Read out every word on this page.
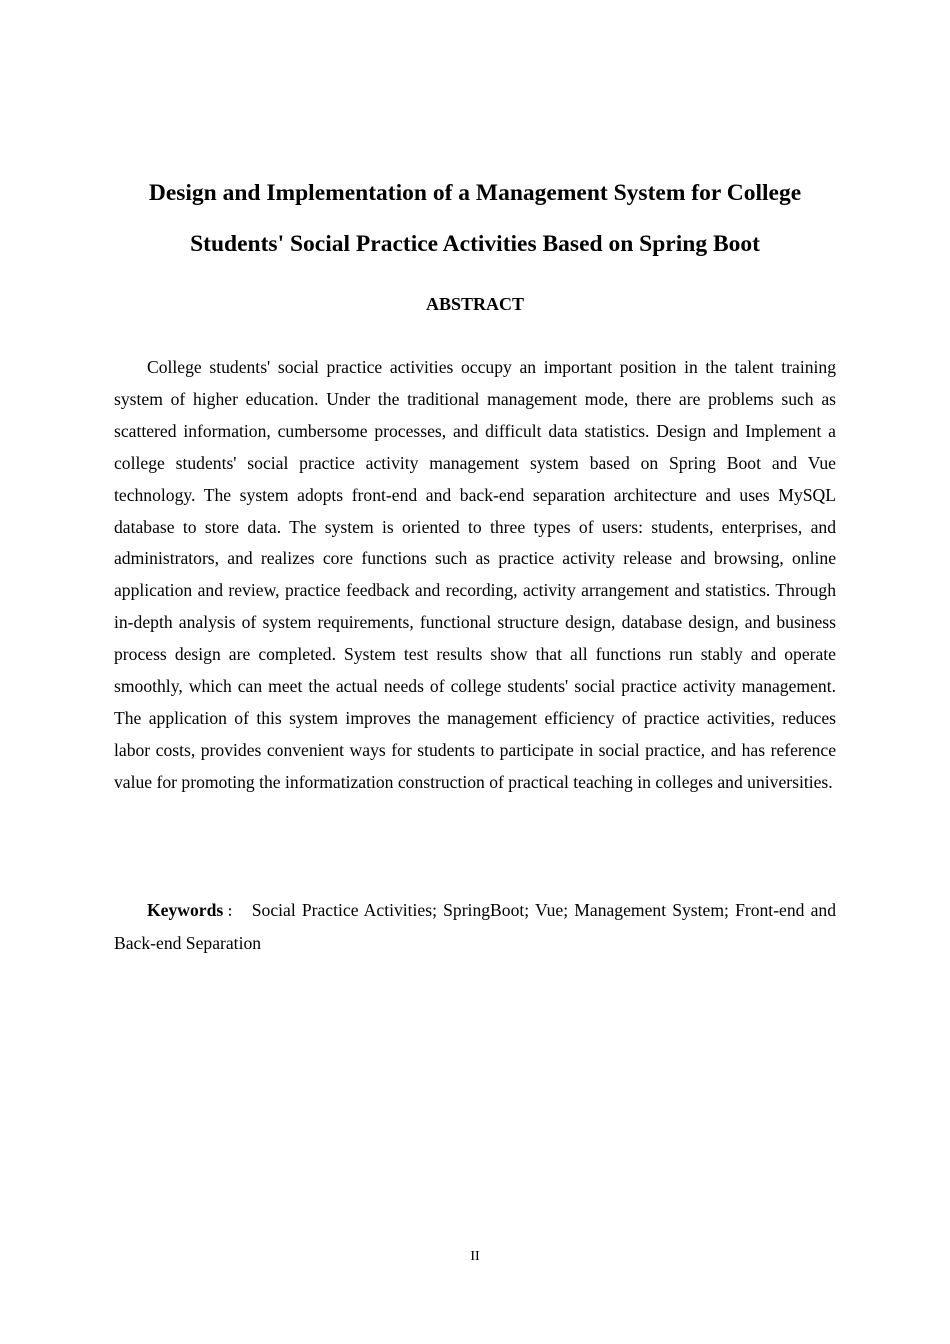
Design and Implementation of a Management System for College
Students' Social Practice Activities Based on Spring Boot
ABSTRACT

College students' social practice activities occupy an important position in the talent training system of higher education. Under the traditional management mode, there are problems such as scattered information, cumbersome processes, and difficult data statistics. Design and Implement a college students' social practice activity management system based on Spring Boot and Vue technology. The system adopts front-end and back-end separation architecture and uses MySQL database to store data. The system is oriented to three types of users: students, enterprises, and administrators, and realizes core functions such as practice activity release and browsing, online application and review, practice feedback and recording, activity arrangement and statistics. Through in-depth analysis of system requirements, functional structure design, database design, and business process design are completed. System test results show that all functions run stably and operate smoothly, which can meet the actual needs of college students' social practice activity management. The application of this system improves the management efficiency of practice activities, reduces labor costs, provides convenient ways for students to participate in social practice, and has reference value for promoting the informatization construction of practical teaching in colleges and universities.

Keywords ： Social Practice Activities; SpringBoot; Vue; Management System; Front-end and Back-end Separation

II
